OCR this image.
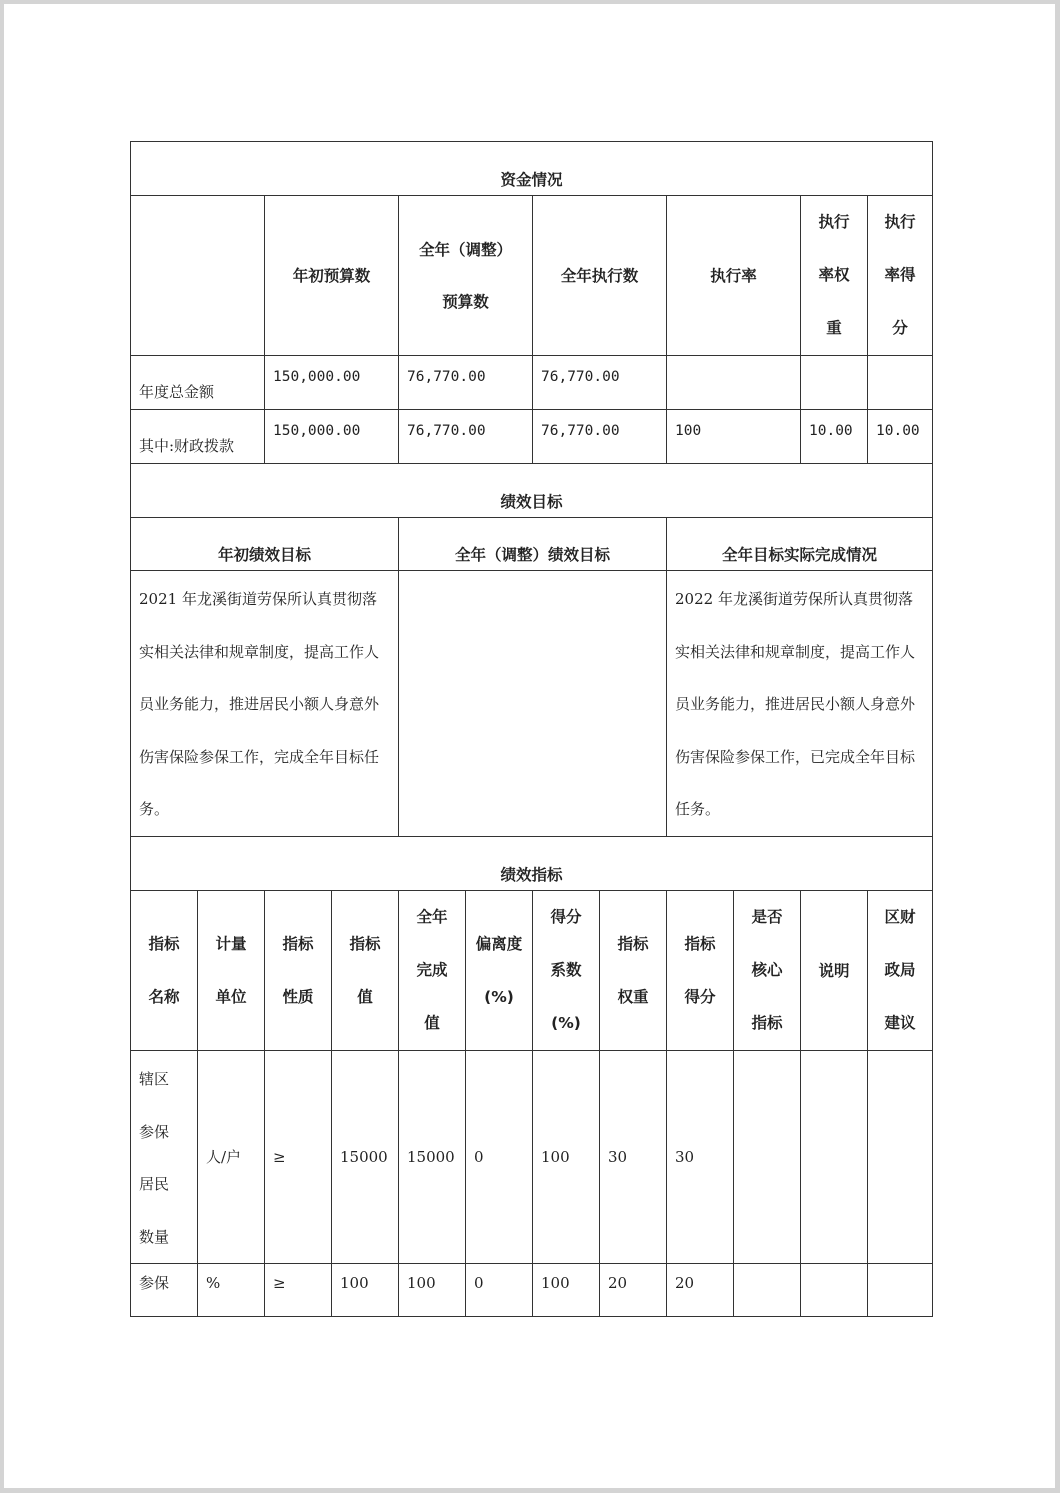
资金情况											
		年初预算数		全年（调整）预算数		全年执行数		执行率		执行率权重	执行率得分
年度总金额		150,000.00		76,770.00		76,770.00					
其中:财政拨款		150,000.00		76,770.00		76,770.00		100		10.00	10.00
绩效目标											
年初绩效目标				全年（调整）绩效目标				全年目标实际完成情况			
2021 年龙溪街道劳保所认真贯彻落实相关法律和规章制度，提高工作人员业务能力，推进居民小额人身意外伤害保险参保工作，完成全年目标任务。								2022 年龙溪街道劳保所认真贯彻落实相关法律和规章制度，提高工作人员业务能力，推进居民小额人身意外伤害保险参保工作，已完成全年目标任务。			
绩效指标											
指标名称	计量单位	指标性质	指标值	全年完成值	偏离度(%)	得分系数(%)	指标权重	指标得分	是否核心指标	说明	区财政局建议
辖区参保居民数量	人/户	≥	15000	15000	0	100	30	30			
参保	%	≥	100	100	0	100	20	20			
